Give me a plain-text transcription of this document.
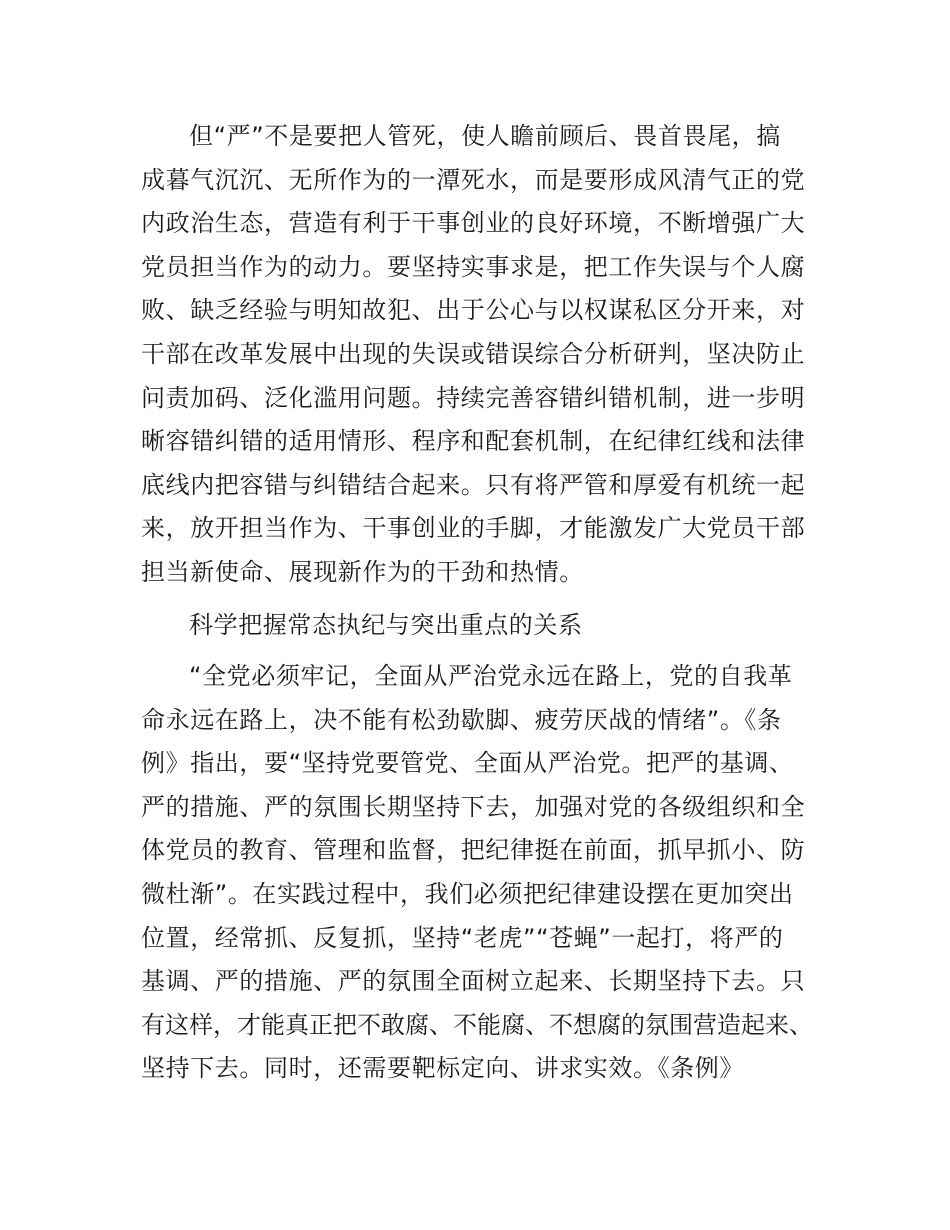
但“严”不是要把人管死，使人瞻前顾后、畏首畏尾，搞
成暮气沉沉、无所作为的一潭死水，而是要形成风清气正的党
内政治生态，营造有利于干事创业的良好环境，不断增强广大
党员担当作为的动力。要坚持实事求是，把工作失误与个人腐
败、缺乏经验与明知故犯、出于公心与以权谋私区分开来，对
干部在改革发展中出现的失误或错误综合分析研判，坚决防止
问责加码、泛化滥用问题。持续完善容错纠错机制，进一步明
晰容错纠错的适用情形、程序和配套机制，在纪律红线和法律
底线内把容错与纠错结合起来。只有将严管和厚爱有机统一起
来，放开担当作为、干事创业的手脚，才能激发广大党员干部
担当新使命、展现新作为的干劲和热情。
科学把握常态执纪与突出重点的关系
“全党必须牢记，全面从严治党永远在路上，党的自我革
命永远在路上，决不能有松劲歇脚、疲劳厌战的情绪”。《条
例》指出，要“坚持党要管党、全面从严治党。把严的基调、
严的措施、严的氛围长期坚持下去，加强对党的各级组织和全
体党员的教育、管理和监督，把纪律挺在前面，抓早抓小、防
微杜渐”。在实践过程中，我们必须把纪律建设摆在更加突出
位置，经常抓、反复抓，坚持“老虎”“苍蝇”一起打，将严的
基调、严的措施、严的氛围全面树立起来、长期坚持下去。只
有这样，才能真正把不敢腐、不能腐、不想腐的氛围营造起来、
坚持下去。同时，还需要靶标定向、讲求实效。《条例》
